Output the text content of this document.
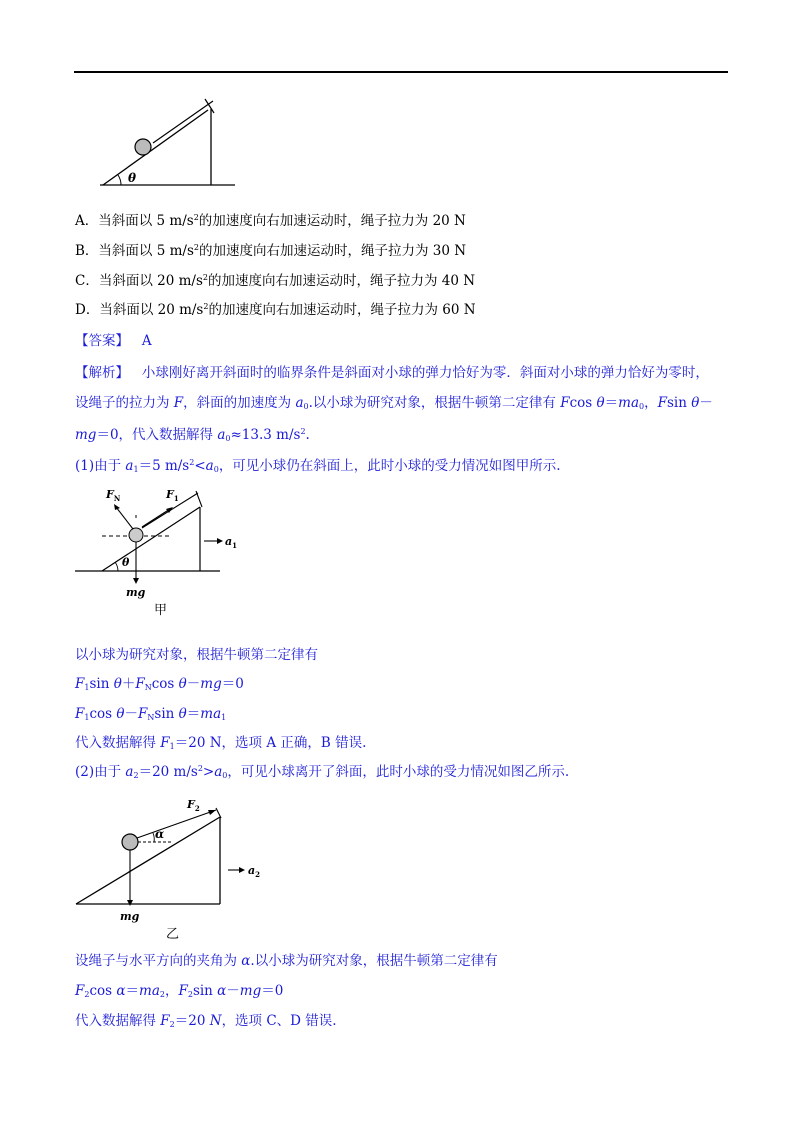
θ
A．当斜面以 5 $m/s^2$的加速度向右加速运动时，绳子拉力为 20 N
B．当斜面以 5 $m/s^2$的加速度向右加速运动时，绳子拉力为 30 N
C．当斜面以 20 $m/s^2$的加速度向右加速运动时，绳子拉力为 40 N
D．当斜面以 20 $m/s^2$的加速度向右加速运动时，绳子拉力为 60 N
【答案】 A
【解析】 小球刚好离开斜面时的临界条件是斜面对小球的弹力恰好为零．斜面对小球的弹力恰好为零时，
设绳子的拉力为 F，斜面的加速度为 $a_0$.以小球为研究对象，根据牛顿第二定律有 Fcos $\theta=ma_0$，Fsin θ－
mg＝0，代入数据解得 $a_0\approx 13.3$ $m/s^2$.
(1)由于 $a_1=5$ $m/s^2<a_0$，可见小球仍在斜面上，此时小球的受力情况如图甲所示.
$F_N$	$F_1$
$a_1$
θ
mg
甲
以小球为研究对象，根据牛顿第二定律有
$F_1\sin$ $\theta+F_N\cos$ θ－mg＝0
$F_1\cos$ $\theta-F_N\sin$ $\theta=ma_1$
代入数据解得 $F_1=20$ N，选项 A 正确，B 错误.
(2)由于 $a_2=20$ $m/s^2>a_0$，可见小球离开了斜面，此时小球的受力情况如图乙所示.
$F_2$
α
$a_2$
mg
乙
设绳子与水平方向的夹角为 α.以小球为研究对象，根据牛顿第二定律有
$F_2\cos$ $\alpha=ma_2$，$F_2\sin$ α－mg＝0
代入数据解得 $F_2=20$ N，选项 C、D 错误.
